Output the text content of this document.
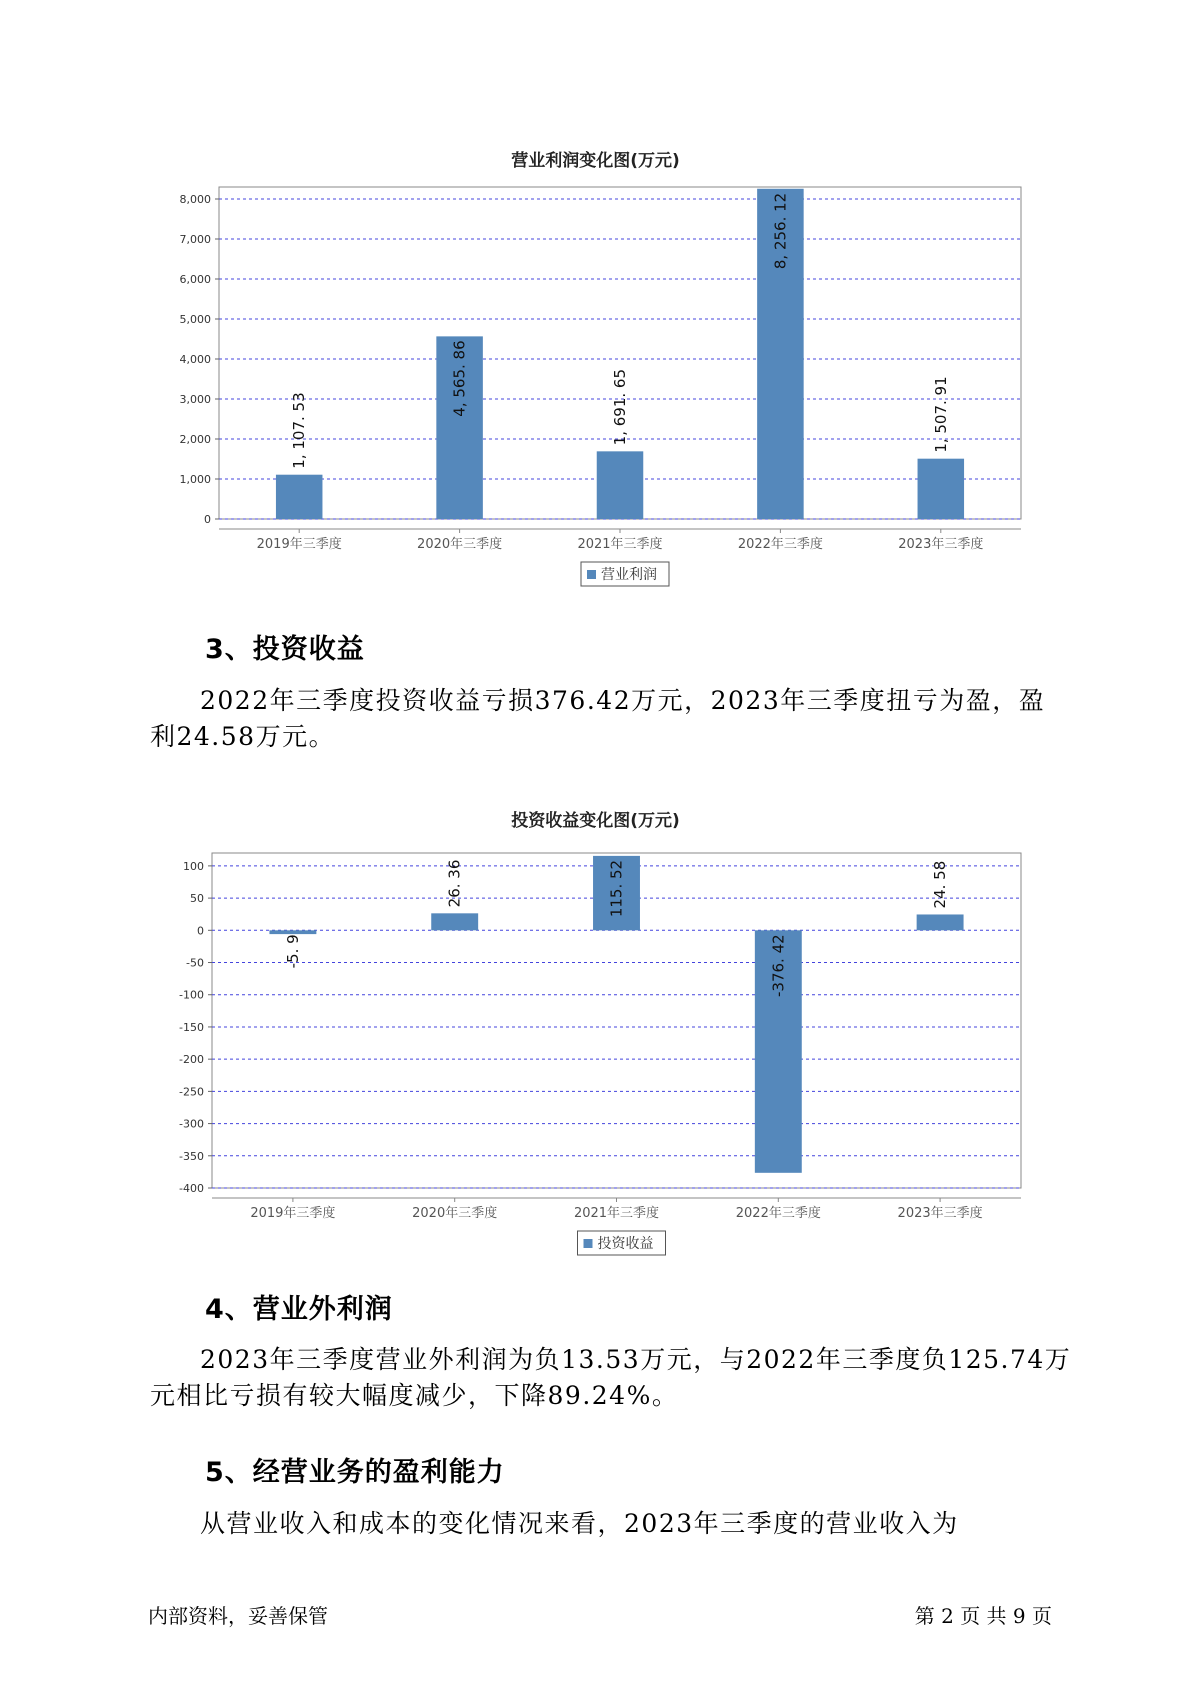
营业利润变化图(万元)
0
1,000
2,000
3,000
4,000
5,000
6,000
7,000
8,000
2019年三季度
1, 107. 53
2020年三季度
4, 565. 86
2021年三季度
1, 691. 65
2022年三季度
8, 256. 12
2023年三季度
1, 507. 91
营业利润
3、投资收益
2022年三季度投资收益亏损376.42万元，2023年三季度扭亏为盈，盈
利24.58万元。
投资收益变化图(万元)
-400
-350
-300
-250
-200
-150
-100
-50
0
50
100
2019年三季度
-5. 9
2020年三季度
26. 36
2021年三季度
115. 52
2022年三季度
-376. 42
2023年三季度
24. 58
投资收益
4、营业外利润
2023年三季度营业外利润为负13.53万元，与2022年三季度负125.74万
元相比亏损有较大幅度减少，下降89.24%。
5、经营业务的盈利能力
从营业收入和成本的变化情况来看，2023年三季度的营业收入为
内部资料，妥善保管	第 2 页 共 9 页
